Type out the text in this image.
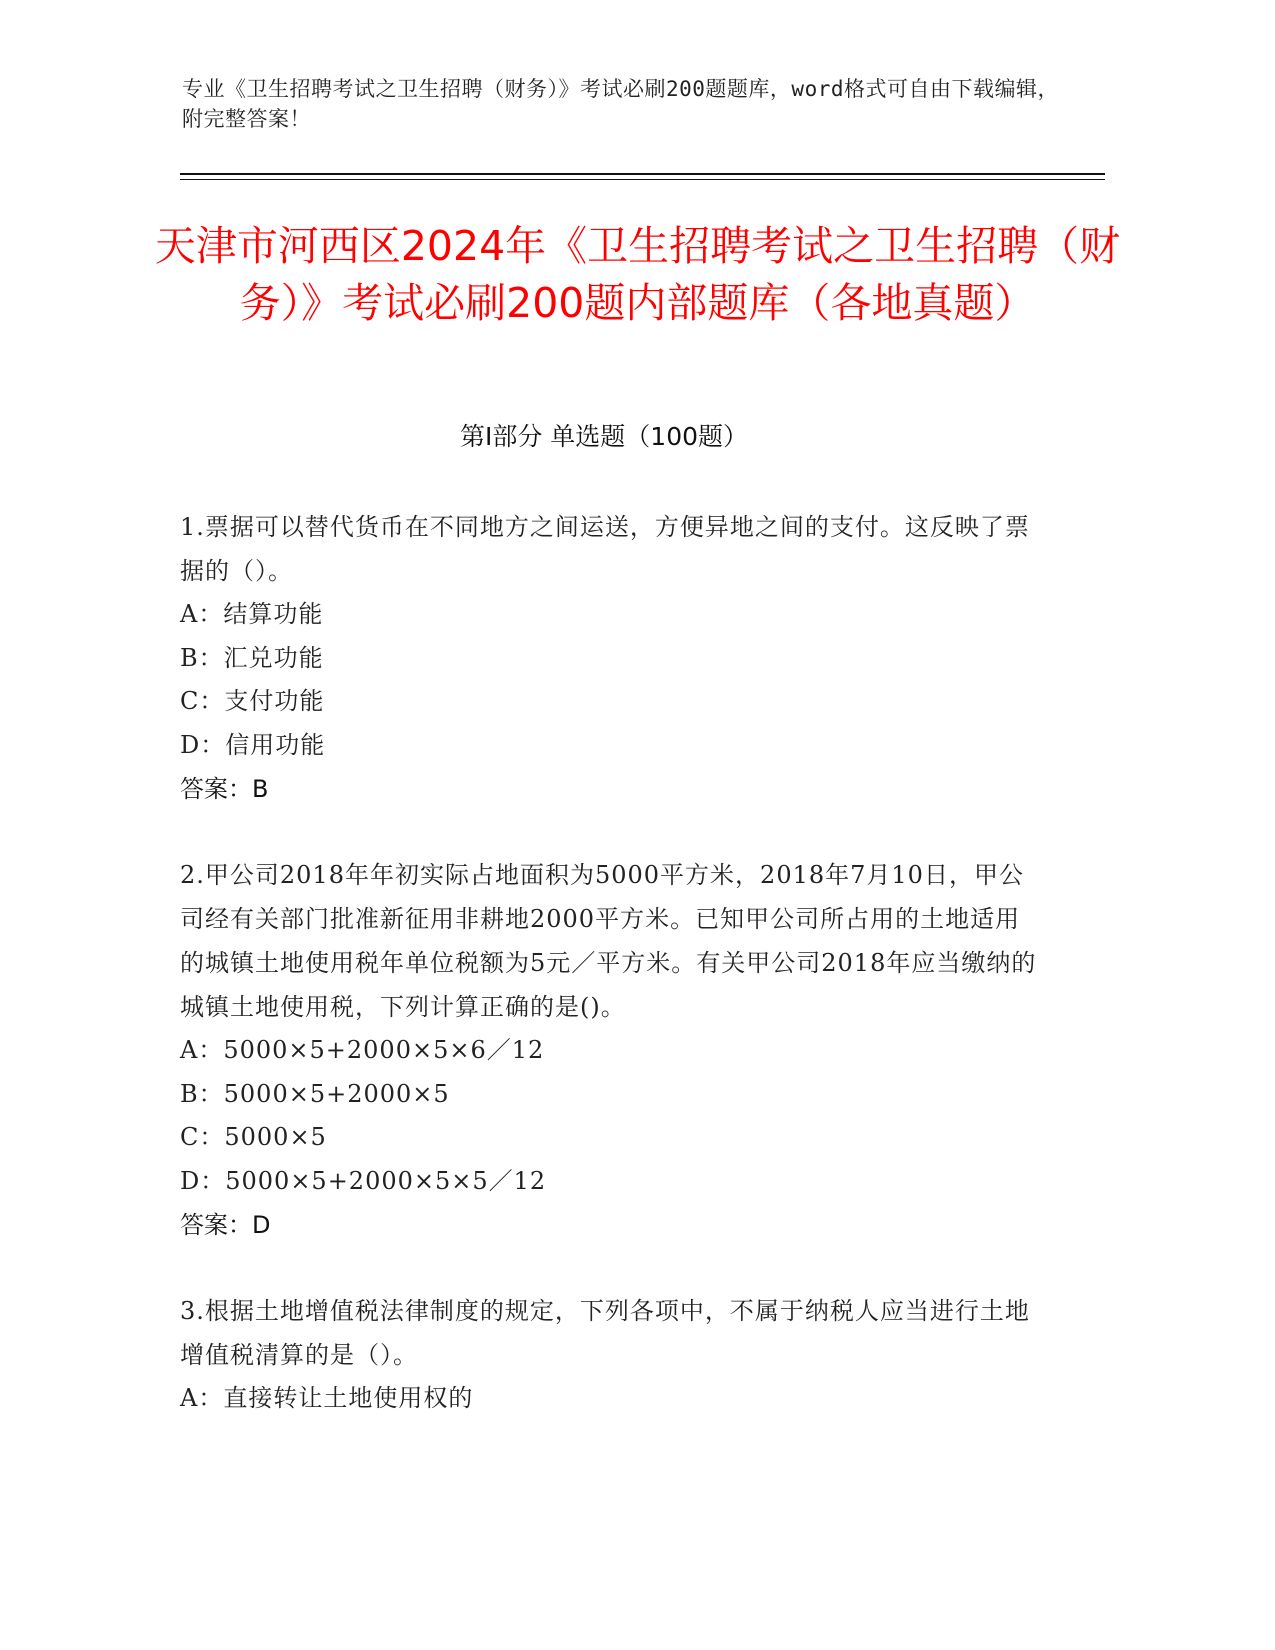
专业《卫生招聘考试之卫生招聘（财务）》考试必刷200题题库，word格式可自由下载编辑，附完整答案！
天津市河西区2024年《卫生招聘考试之卫生招聘（财务）》考试必刷200题内部题库（各地真题）
第Ⅰ部分 单选题（100题）
1.票据可以替代货币在不同地方之间运送，方便异地之间的支付。这反映了票据的（）。
A：结算功能
B：汇兑功能
C：支付功能
D：信用功能
答案：B
2.甲公司2018年年初实际占地面积为5000平方米，2018年7月10日，甲公司经有关部门批准新征用非耕地2000平方米。已知甲公司所占用的土地适用的城镇土地使用税年单位税额为5元／平方米。有关甲公司2018年应当缴纳的城镇土地使用税，下列计算正确的是()。
A：5000×5+2000×5×6／12
B：5000×5+2000×5
C：5000×5
D：5000×5+2000×5×5／12
答案：D
3.根据土地增值税法律制度的规定，下列各项中，不属于纳税人应当进行土地增值税清算的是（）。
A：直接转让土地使用权的
